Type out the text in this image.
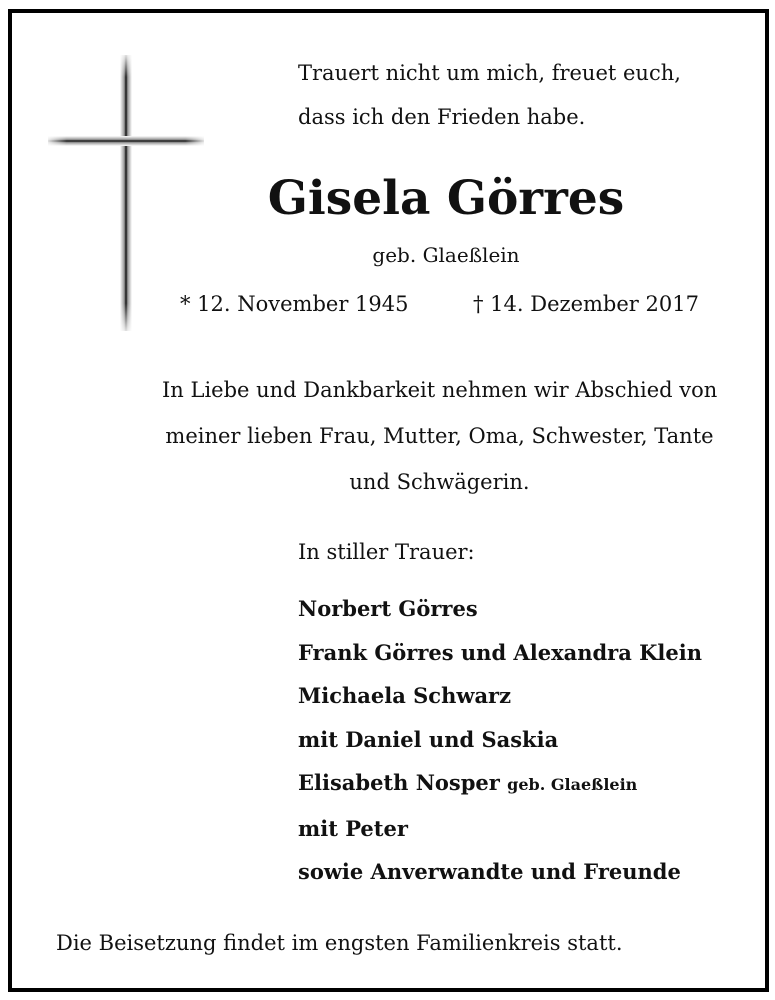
Trauert nicht um mich, freuet euch,
dass ich den Frieden habe.
Gisela Görres
geb. Glaeßlein
* 12. November 1945	† 14. Dezember 2017
In Liebe und Dankbarkeit nehmen wir Abschied von
meiner lieben Frau, Mutter, Oma, Schwester, Tante
und Schwägerin.
In stiller Trauer:
Norbert Görres
Frank Görres und Alexandra Klein
Michaela Schwarz
mit Daniel und Saskia
Elisabeth Nosper geb. Glaeßlein
mit Peter
sowie Anverwandte und Freunde
Die Beisetzung findet im engsten Familienkreis statt.
